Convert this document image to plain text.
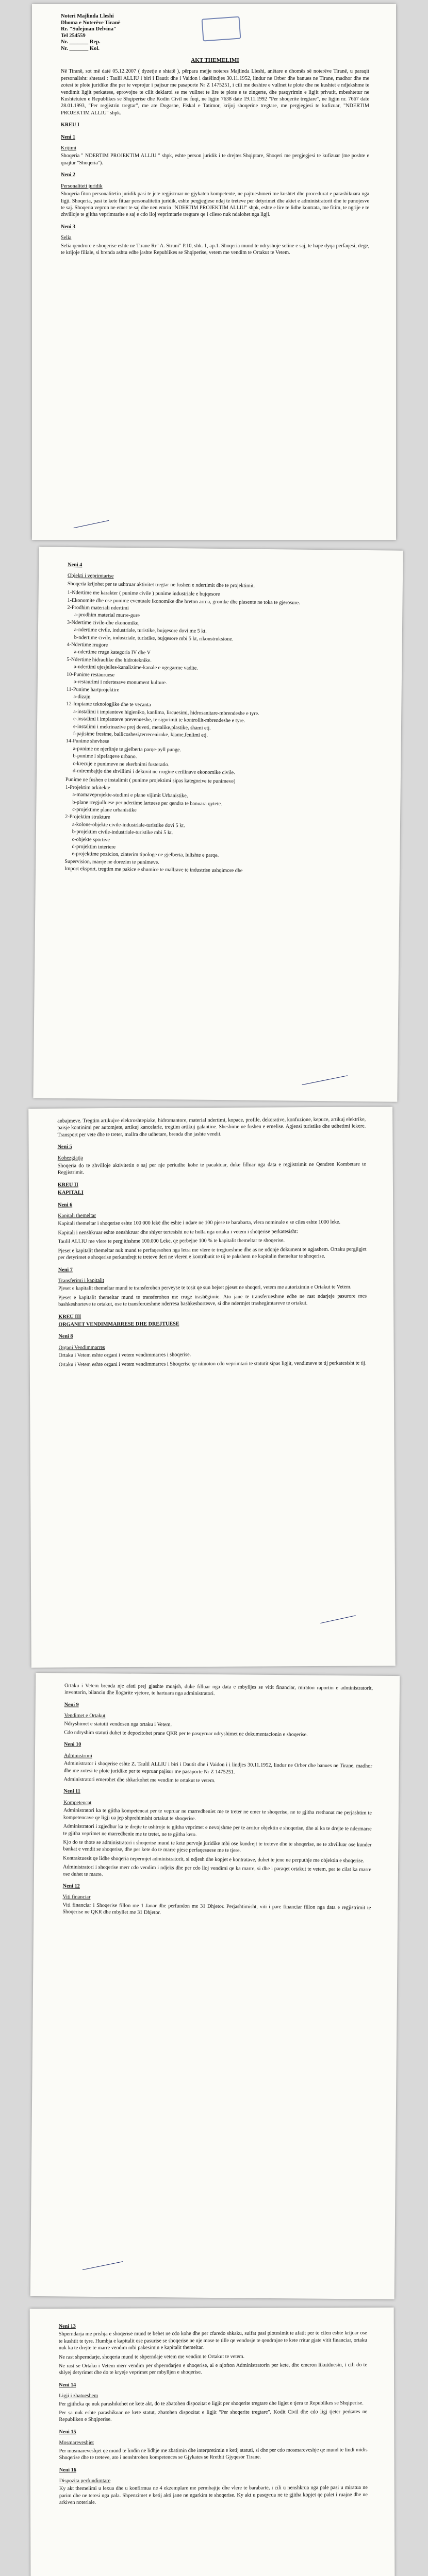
Noteri Majlinda Lleshi
Dhoma e Noterëve Tiranë
Rr. "Sulejman Delvina"
Tel 254559
Nr. _______ Rep.
Nr. _______ Kol.
AKT THEMELIMI

Në Tiranë, sot më datë 05.12.2007 ( dyzetje e shtatë ), përpara mejje noteres Majlinda Lleshi, anëtare e dhomës së noterëve Tiranë, u paraqit personalisht: shtetasi : Taulil ALLIU i biri i Dautit dhe i Vaidon i datëlindjes 30.11.1952, lindur ne Orber dhe banues ne Tirane, madhor dhe me zotesi te plote juridike dhe per te veprojur i pajisur me pasaporte Nr Z 1475251, i cili me deshire e vullnet te plote dhe ne kushtet e ndjekshme te vendimit ligjit perkatese, eprovojne te cilit deklaroi se me vullnet te lire te plote e te zingerte, dhe pasqyrimin e ligjit privatit, mbeshtetur ne Kushtetuten e Republikes se Shqiperise dhe Kodin Civil ne fuqi, ne ligjin 7638 date 19.11.1992 "Per shoqerite tregtare", ne ligjin nr. 7667 date 28.01.1993, "Per regjistrin tregtar", me ate Dogasne, Fiskal e Tatimor, krijoj shoqerine tregtare, me pergjegjesi te kufizuar, "NDERTIM PROJEKTIM ALLIU" shpk.

KREU I
Neni 1
Krijimi

Shoqeria " NDERTIM PROJEKTIM ALLIU " shpk, eshte person juridik i te drejtes Shqiptare, Shoqeri me pergjegjesi te kufizuar (me poshte e quajtur "Shoqeria").

Neni 2
Personaliteti juridik

Shoqeria fiton personalitetin juridik pasi te jete regjistruar ne gjykaten kompetente, ne pajtueshmeri me kushtet dhe procedurat e parashikuara nga ligji. Shoqeria, pasi te kete fituar personalitetin juridik, eshte pergjegjese ndaj te treteve per detyrimet dhe aktet e administratorit dhe te punojesve te saj. Shoqeria vepron ne emer te saj dhe nen emrin "NDERTIM PROJEKTIM ALLIU" shpk, eshte e lire te lidhe kontrata, me fitim, te ngrije e te zhvilloje te gjitha veprimtarite e saj e cdo lloj veprimtarie tregtare qe i cileso nuk ndalohet nga ligji.

Neni 3
Selia

Selia qendrore e shoqerise eshte ne Tirane Rr" A. Struni" P.10, shk. 1, ap.1. Shoqeria mund te ndryshoje seline e saj, te hape dyqa perfaqesi, dege, te krijoje filiale, si brenda ashtu edhe jashte Republikes se Shqiperise, vetem me vendim te Ortakut te Vetem.

Neni 4
Objekti i veprimtarise

Shoqeria krijohet per te ushtruar aktivitet tregtar ne fushen e ndertimit dhe te projektimit.

1-Ndertime me karakter ( punime civile ) punime industriale e bujqesore

1-Ekonomite dhe ose punime eventuale ikonomike dhe breton arrna, gromke dhe plasente ne toka te gjerosure.

2-Prodhim materiali ndertimi

a-prodhim material murre-gure

3-Ndertime civile-dhe ekonomike,

a-ndertime civile, industriale, turistike, bujqesore dovi me 5 kt.

b-ndertime civile, industriale, turistike, bujqesore mbi 5 kt, rikonstruksione.

4-Ndertime rrugore

a-ndertime rruge kategoria IV dhe V

5-Ndertime hidraulike dhe hidroteknike.

a-ndertimi ujesjelles-kanalizime-kanale e ngegarme vadite.

10-Punime restauruese

a-restaurimi i ndertesave monument kulture.

11-Punime hartprojektire

a-dizajn

12-Impiante teknologjike dhe te vecanta

a-instalimi i impianteve higjeniko, kanlima, lircuesimi, hidrosanitare-mbrendeshe e tyre.

e-instalimi i impianteve prevenueshe, te sigurimit te kontrollit-mbrendeshe e tyre.

e-instalimi i mekrinazive prej deveti, metalike,plastike, shami etj.

f-pajisime fresime, ballicoshesi,terrecenirnke, kiame,fenlimi etj.

14-Punime shevhese

a-punime ne njerlinje te gjelberta parqe-pyll punge.

b-punime i sipefaqeve urbano.

c-krecuje e punimeve ne ekerbnimi fusteratlo.

d-mirembajtje dhe shvillimi i dekuvit ne rrugine cerilinave ekonomike civile.

Punime ne fushen e instalimit ( punime projektimi sipas kategorive te punimeve)

1-Projektim arkitekte

a-mamaveprojekte-studimi e plane vijimit Urbanistike,

b-plane rregjulluese per ndertime lartuese per qendra te banuara qytete.

c-projektime plane urbanistike

2-Projektim strukture

a-kolone-objekte civile-industriale-turistike dovi 5 kt.

b-projektim civile-industriale-turistike mbi 5 kt.

c-objekte sportive

d-projektim interiere

e-projektime pozicion, zinterim tipologe ne gjelberta, lulishte e parqe.

Supervision, marrje ne dorezim te punimeve.

Import eksport, tregtim me pakice e shumice te mallrave te industrise ushqimore dhe

anbajmeve. Tregtim artikujve elektroshtepiake, hidromantore, material ndertimi, kopace, profile, dekorative, konfuzione, kepuce, artikuj elektrike, paisje kontinimi per automjete, artikuj kancelarie, tregtim artikuj galantine. Shesbime ne fushen e ernelise. Agjensi turistike dhe udhetimi lekere. Transport per vete dhe te treter, mallra dhe udhetare, brenda dhe jashte vendit.

Neni 5
Kohezgjatja

Shoqeria do te zhvilloje aktivitetin e saj per nje periudhe kohe te pacaktuar, duke filluar nga data e regjistrimit ne Qendren Kombetare te Regjistrimit.

KREU II
KAPITALI
Neni 6
Kapitali themeltar

Kapitali themeltar i shoqerise eshte 100 000 lekë dhe eshte i ndare ne 100 pjese te barabarta, vlera nominale e se ciles eshte 1000 leke.

Kapitali i nenshkruar eshte nenshkruar dhe shlyer tertesisht ne te holla nga ortaku i vetem i shoqerise perkatesisht:

Taulil ALLIU me vlere te pergjithshme 100.000 Leke, qe perbejne 100 % te kapitalit themeltar te shoqerise.

Pjeset e kapitalit themeltar nuk mund te perfaqesohen nga letra me vlere te tregtueshme dhe as ne ndonje dokument te ngjashem. Ortaku pergjigjet per detyrimet e shoqerise perkundrejt te treteve deri ne vleren e kontributit te tij te pakshem ne kapitalin themeltar te shoqerise.

Neni 7
Transferimi i kapitalit

Pjeset e kapitalit themeltar mund te transferohen perveyse te tosit qe sun bejset pjeset ne shoqeri, vetem me autorizimin e Ortakut te Vetem.

Pjeset e kapitalit themeltar mund te transferohen me rruge trashëgimie. Ato jane te transferueshme edhe ne rast ndarjeje pasurore mes bashkeshorteve te ortakut, ose te transferueshme nderresa bashkeshortesve, si dhe ndermjet trashegimtareve te ortakut.

KREU III
ORGANET VENDIMMARRESE DHE DREJTUESE
Neni 8
Organi Vendimmarres

Ortaku i Vetem eshte organi i vetem vendimmarres i shoqerise.

Ortaku i Vetem eshte organi i vetem vendimmarres i Shoqerise qe nimoton cdo veprimtari te statutit sipas ligjit, vendimeve te tij perkatesisht te tij.

Ortaku i Vetem brenda nje afati prej gjashte muajsh, duke filluar nga data e mbylljes se vitit financiar, miraton raportin e administratorit, inventarin, bilancin dhe llogarite vjetore, te hartuara nga administratori.

Neni 9
Vendimet e Ortakut

Ndryshimet e statutit vendosen nga ortaku i Vetem.

Cdo ndryshim statuti duhet te depozitohet prane QKR per te pasqyruar ndryshimet ne dokumentacionin e shoqerise.

Neni 10
Administrimi

Administrator i shoqerise eshte Z. Taulil ALLIU i biri i Dautit dhe i Vaidon i i lindjes 30.11.1952, lindur ne Orber dhe banues ne Tirane, madhor dhe me zotesi te plote juridike per te vepruar pajisur me pasaporte Nr Z 1475251.

Administratori emerohet dhe shkarkohet me vendim te ortakut te vetem.

Neni 11
Kompetencat

Administratori ka te gjitha kompetencat per te vepruar ne marredheniet me te treter ne emer te shoqerise, ne te gjitha rrethanat me perjashtim te kompetencave qe ligji ua jep shprehimisht ortakut te shoqerise.

Administratori i zgjedhur ka te drejte te ushtroje te gjitha veprimet e nevojshme per te arritur objektin e shoqerise, dhe ai ka te drejte te ndermarre te gjitha veprimet ne marredhenie me te tretet, ne te gjitha keto.

Kjo do te thote se administratori i shoqerise mund te kete pervoje juridike mbi ose kundrejt te treteve dhe te shoqerise, ne te zhvilluar ose kunder bankat e vendit se shoqerise, dhe per kete do te marre pjese perfaqesuese me te tjere.

Kontraktuesit qe lidhe shoqeria nepermjet administratorit, si ndjesh dhe kopjet e kontratave, duhet te jene ne perputhje me objektin e shoqerise.

Administratori i shoqerise merr cdo vendim i ndjeks dhe per cdo lloj vendimi qe ka marre, si dhe i paraqet ortakut te vetem, per te cilat ka marre ose duhet te marre.

Neni 12
Viti financiar

Viti financiar i Shoqerise fillon me 1 Janar dhe perfundon me 31 Dhjetor. Perjashtimisht, viti i pare financiar fillon nga data e regjistrimit te Shoqerise ne QKR dhe mbyllet me 31 Dhjetor.

Neni 13

Shperndarja me prishja e shoqerise mund te behet ne cdo kohe dhe per cfaredo shkaku, sulfat pasi plotesimit te afatit per te cilen eshte krijuar ose te kushtit te tyre. Humbja e kapitalit ose pasurise se shoqerise ne nje mase te tille qe vendosje te qendrojne te kete rritur gjate vitit financiar, ortaku nuk ka te drejte te marre vendim mbi pakesimin e kapitalit themeltar.

Ne rast shperndarje, shoqeria mund te shperndaje vetem me vendim te Ortakut te vetem.

Ne rast se Ortaku i Vetem merr vendim per shperndarjen e shoqerise, ai e njofton Administratorin per kete, dhe emeron likuiduesin, i cili do te shlyej detyrimet dhe do te kryeje veprimet per mbylljen e shoqerise.

Neni 14
Ligji i zbatueshem

Per gjithcka qe nuk parashikohet ne kete akt, do te zbatohen dispozitat e ligjit per shoqerite tregtare dhe ligjet e tjera te Republikes se Shqiperise.

Per sa nuk eshte parashikuar ne kete statut, zbatohen dispozitat e ligjit "Per shoqerite tregtare", Kodit Civil dhe cdo ligj tjeter perkates ne Republiken e Shqiperise.

Neni 15
Mosmareveshjet

Per mosmareveshjet qe mund te lindin ne lidhje me zbatimin dhe interpretimin e ketij statuti, si dhe per cdo mosmareveshje qe mund te lindi midis Shoqerise dhe te treteve, ato i nenshtrohen kompetences se Gjykates se Rrethit Gjyqesor Tirane.

Neni 16
Dispozita perfundimtare

Ky akt themelimi u lexua dhe u konfirmua ne 4 ekzemplare me permbajtje dhe vlere te barabarte, i cili u nenshkrua nga pale pasi u miratua ne parim dhe ne teresi nga pala. Shpenzimet e ketij akti jane ne ngarkim te shoqerise. Ky akt u pasqyrua ne te gjitha kopjet qe palet i ruajne dhe ne arkiven noteriale.
